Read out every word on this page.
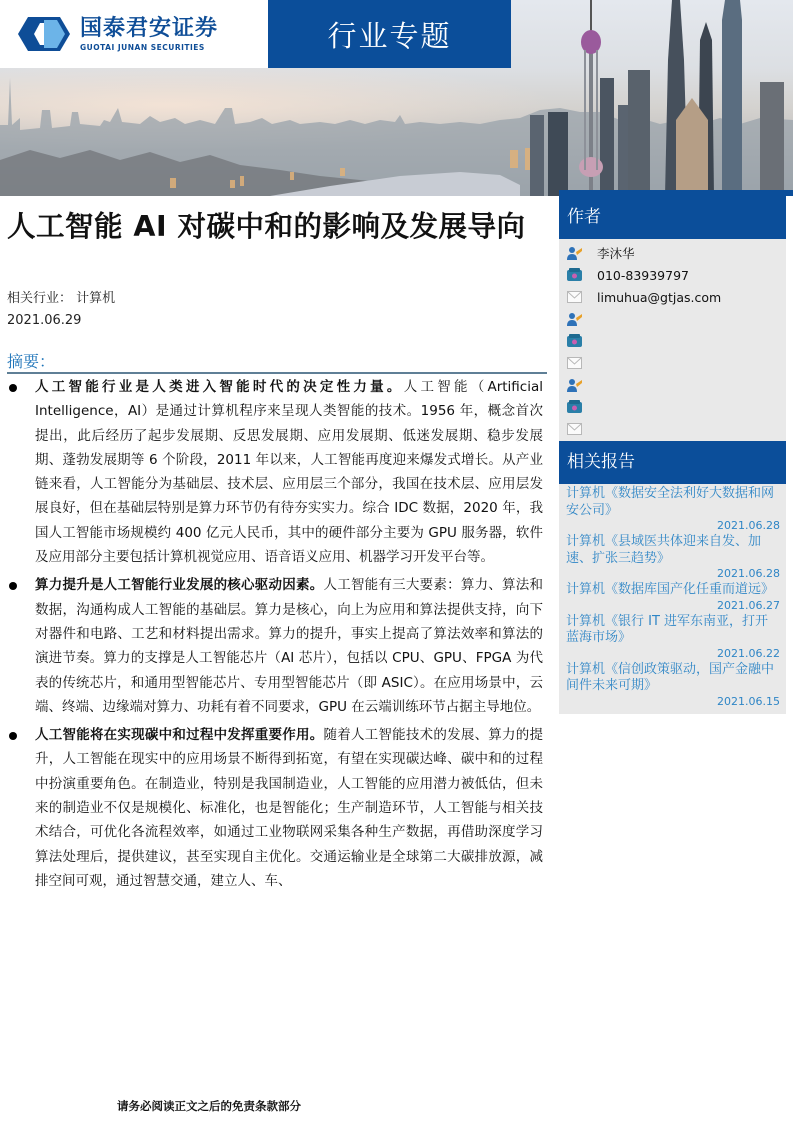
国泰君安证券
GUOTAI JUNAN SECURITIES	行业专题
人工智能 AI 对碳中和的影响及发展导向
相关行业： 计算机
2021.06.29
摘要：
人工智能行业是人类进入智能时代的决定性力量。人工智能（Artificial Intelligence，AI）是通过计算机程序来呈现人类智能的技术。1956 年，概念首次提出，此后经历了起步发展期、反思发展期、应用发展期、低迷发展期、稳步发展期、蓬勃发展期等 6 个阶段，2011 年以来，人工智能再度迎来爆发式增长。从产业链来看，人工智能分为基础层、技术层、应用层三个部分，我国在技术层、应用层发展良好，但在基础层特别是算力环节仍有待夯实实力。综合 IDC 数据，2020 年，我国人工智能市场规模约 400 亿元人民币，其中的硬件部分主要为 GPU 服务器，软件及应用部分主要包括计算机视觉应用、语音语义应用、机器学习开发平台等。
算力提升是人工智能行业发展的核心驱动因素。人工智能有三大要素：算力、算法和数据，沟通构成人工智能的基础层。算力是核心，向上为应用和算法提供支持，向下对器件和电路、工艺和材料提出需求。算力的提升，事实上提高了算法效率和算法的演进节奏。算力的支撑是人工智能芯片（AI 芯片），包括以 CPU、GPU、FPGA 为代表的传统芯片，和通用型智能芯片、专用型智能芯片（即 ASIC）。在应用场景中，云端、终端、边缘端对算力、功耗有着不同要求，GPU 在云端训练环节占据主导地位。
人工智能将在实现碳中和过程中发挥重要作用。随着人工智能技术的发展、算力的提升，人工智能在现实中的应用场景不断得到拓宽，有望在实现碳达峰、碳中和的过程中扮演重要角色。在制造业，特别是我国制造业，人工智能的应用潜力被低估，但未来的制造业不仅是规模化、标准化，也是智能化；生产制造环节，人工智能与相关技术结合，可优化各流程效率，如通过工业物联网采集各种生产数据，再借助深度学习算法处理后，提供建议，甚至实现自主优化。交通运输业是全球第二大碳排放源，减排空间可观，通过智慧交通，建立人、车、
请务必阅读正文之后的免责条款部分
作者
李沐华
010-83939797
limuhua@gtjas.com
相关报告
计算机《数据安全法利好大数据和网安公司》
2021.06.28
计算机《县域医共体迎来自发、加速、扩张三趋势》
2021.06.28
计算机《数据库国产化任重而道远》
2021.06.27
计算机《银行 IT 进军东南亚，打开蓝海市场》
2021.06.22
计算机《信创政策驱动，国产金融中间件未来可期》
2021.06.15
